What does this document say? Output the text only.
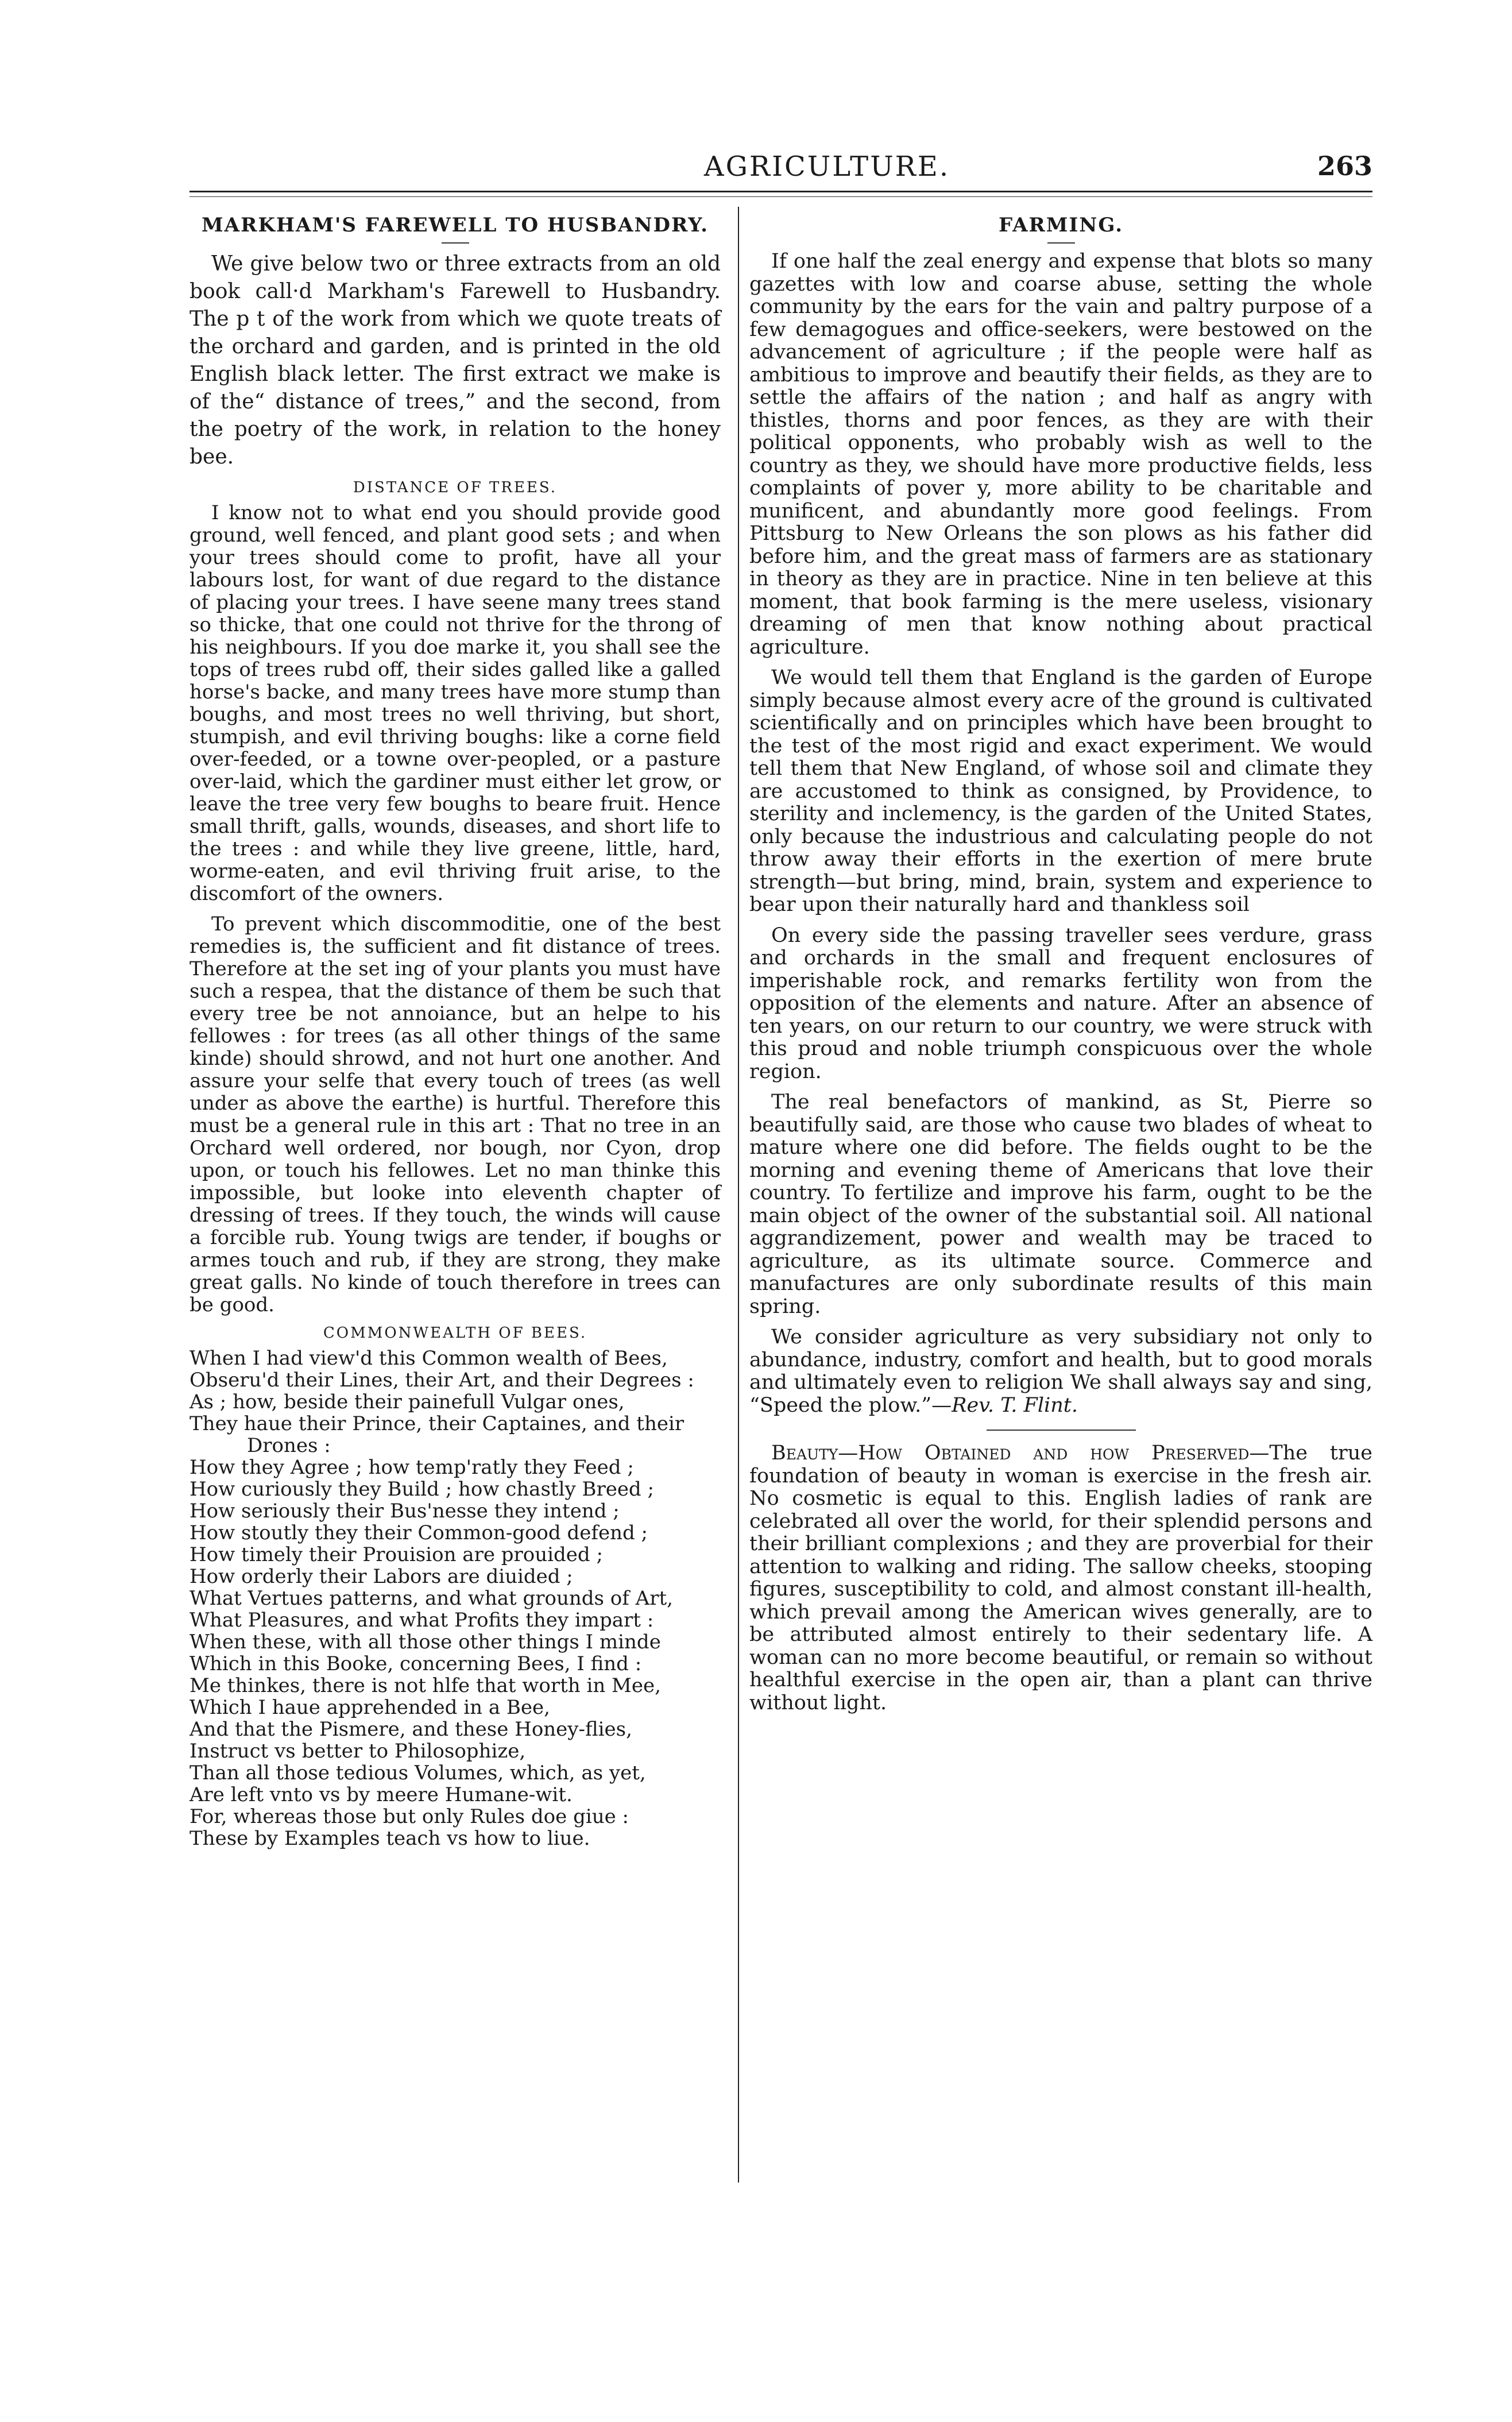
AGRICULTURE.	263
MARKHAM'S FAREWELL TO HUSBANDRY.

We give below two or three extracts from an old book call·d Markham's Farewell to Husbandry. The p t of the work from which we quote treats of the orchard and garden, and is printed in the old English black letter. The first extract we make is of the“ distance of trees,” and the second, from the poetry of the work, in relation to the honey bee.

DISTANCE OF TREES.

I know not to what end you should provide good ground, well fenced, and plant good sets ; and when your trees should come to profit, have all your labours lost, for want of due regard to the distance of placing your trees. I have seene many trees stand so thicke, that one could not thrive for the throng of his neighbours. If you doe marke it, you shall see the tops of trees rubd off, their sides galled like a galled horse's backe, and many trees have more stump than boughs, and most trees no well thriving, but short, stumpish, and evil thriving boughs: like a corne field over-feeded, or a towne over-peopled, or a pasture over-laid, which the gardiner must either let grow, or leave the tree very few boughs to beare fruit. Hence small thrift, galls, wounds, diseases, and short life to the trees : and while they live greene, little, hard, worme-eaten, and evil thriving fruit arise, to the discomfort of the owners.

To prevent which discommoditie, one of the best remedies is, the sufficient and fit distance of trees. Therefore at the set ing of your plants you must have such a respea, that the distance of them be such that every tree be not annoiance, but an helpe to his fellowes : for trees (as all other things of the same kinde) should shrowd, and not hurt one another. And assure your selfe that every touch of trees (as well under as above the earthe) is hurtful. Therefore this must be a general rule in this art : That no tree in an Orchard well ordered, nor bough, nor Cyon, drop upon, or touch his fellowes. Let no man thinke this impossible, but looke into eleventh chapter of dressing of trees. If they touch, the winds will cause a forcible rub. Young twigs are tender, if boughs or armes touch and rub, if they are strong, they make great galls. No kinde of touch therefore in trees can be good.

COMMONWEALTH OF BEES.
When I had view'd this Common wealth of Bees,
Obseru'd their Lines, their Art, and their Degrees :
As ; how, beside their painefull Vulgar ones,
They haue their Prince, their Captaines, and their
Drones :
How they Agree ; how temp'ratly they Feed ;
How curiously they Build ; how chastly Breed ;
How seriously their Bus'nesse they intend ;
How stoutly they their Common-good defend ;
How timely their Prouision are prouided ;
How orderly their Labors are diuided ;
What Vertues patterns, and what grounds of Art,
What Pleasures, and what Profits they impart :
When these, with all those other things I minde
Which in this Booke, concerning Bees, I find :
Me thinkes, there is not hlfe that worth in Mee,
Which I haue apprehended in a Bee,
And that the Pismere, and these Honey-flies,
Instruct vs better to Philosophize,
Than all those tedious Volumes, which, as yet,
Are left vnto vs by meere Humane-wit.
For, whereas those but only Rules doe giue :
These by Examples teach vs how to liue.
FARMING.

If one half the zeal energy and expense that blots so many gazettes with low and coarse abuse, setting the whole community by the ears for the vain and paltry purpose of a few demagogues and office-seekers, were bestowed on the advancement of agriculture ; if the people were half as ambitious to improve and beautify their fields, as they are to settle the affairs of the nation ; and half as angry with thistles, thorns and poor fences, as they are with their political opponents, who probably wish as well to the country as they, we should have more productive fields, less complaints of pover y, more ability to be charitable and munificent, and abundantly more good feelings. From Pittsburg to New Orleans the son plows as his father did before him, and the great mass of farmers are as stationary in theory as they are in practice. Nine in ten believe at this moment, that book farming is the mere useless, visionary dreaming of men that know nothing about practical agriculture.

We would tell them that England is the garden of Europe simply because almost every acre of the ground is cultivated scientifically and on principles which have been brought to the test of the most rigid and exact experiment. We would tell them that New England, of whose soil and climate they are accustomed to think as consigned, by Providence, to sterility and inclemency, is the garden of the United States, only because the industrious and calculating people do not throw away their efforts in the exertion of mere brute strength—but bring, mind, brain, system and experience to bear upon their naturally hard and thankless soil

On every side the passing traveller sees verdure, grass and orchards in the small and frequent enclosures of imperishable rock, and remarks fertility won from the opposition of the elements and nature. After an absence of ten years, on our return to our country, we were struck with this proud and noble triumph conspicuous over the whole region.

The real benefactors of mankind, as St, Pierre so beautifully said, are those who cause two blades of wheat to mature where one did before. The fields ought to be the morning and evening theme of Americans that love their country. To fertilize and improve his farm, ought to be the main object of the owner of the substantial soil. All national aggrandizement, power and wealth may be traced to agriculture, as its ultimate source. Commerce and manufactures are only subordinate results of this main spring.

We consider agriculture as very subsidiary not only to abundance, industry, comfort and health, but to good morals and ultimately even to religion We shall always say and sing, “Speed the plow.”—Rev. T. Flint.

Beauty—How Obtained and how Preserved—The true foundation of beauty in woman is exercise in the fresh air. No cosmetic is equal to this. English ladies of rank are celebrated all over the world, for their splendid persons and their brilliant complexions ; and they are proverbial for their attention to walking and riding. The sallow cheeks, stooping figures, susceptibility to cold, and almost constant ill-health, which prevail among the American wives generally, are to be attributed almost entirely to their sedentary life. A woman can no more become beautiful, or remain so without healthful exercise in the open air, than a plant can thrive without light.
